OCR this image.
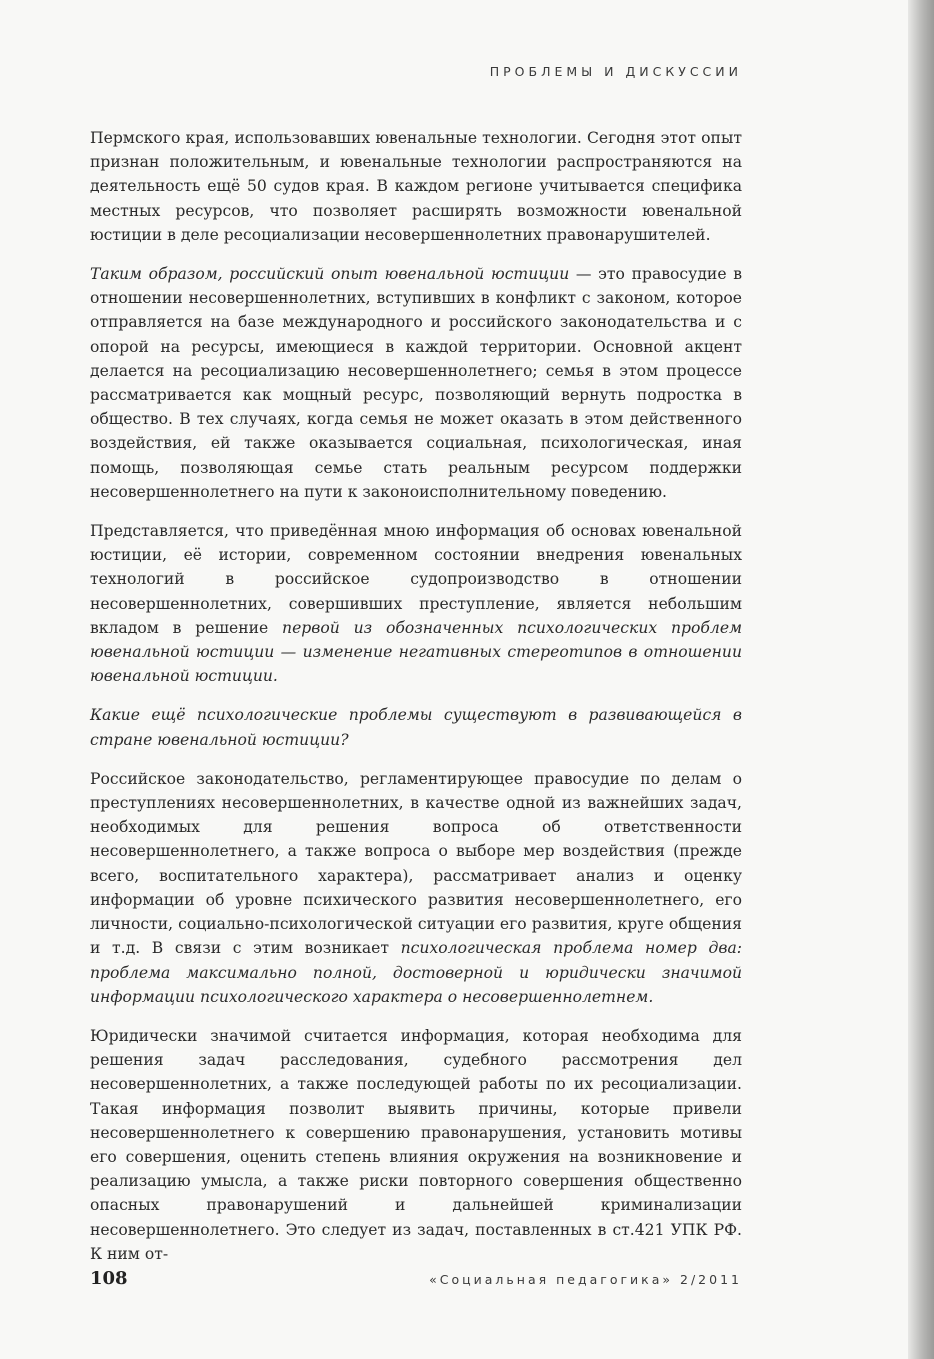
ПРОБЛЕМЫ И ДИСКУССИИ

Пермского края, использовавших ювенальные технологии. Сегодня этот опыт признан положительным, и ювенальные технологии распространяются на деятельность ещё 50 судов края. В каждом регионе учитывается специфика местных ресурсов, что позволяет расширять возможности ювенальной юстиции в деле ресоциализации несовершеннолетних правонарушителей.

Таким образом, российский опыт ювенальной юстиции — это правосудие в отношении несовершеннолетних, вступивших в конфликт с законом, которое отправляется на базе международного и российского законодательства и с опорой на ресурсы, имеющиеся в каждой территории. Основной акцент делается на ресоциализацию несовершеннолетнего; семья в этом процессе рассматривается как мощный ресурс, позволяющий вернуть подростка в общество. В тех случаях, когда семья не может оказать в этом действенного воздействия, ей также оказывается социальная, психологическая, иная помощь, позволяющая семье стать реальным ресурсом поддержки несовершеннолетнего на пути к законоисполнительному поведению.

Представляется, что приведённая мною информация об основах ювенальной юстиции, её истории, современном состоянии внедрения ювенальных технологий в российское судопроизводство в отношении несовершеннолетних, совершивших преступление, является небольшим вкладом в решение первой из обозначенных психологических проблем ювенальной юстиции — изменение негативных стереотипов в отношении ювенальной юстиции.

Какие ещё психологические проблемы существуют в развивающейся в стране ювенальной юстиции?

Российское законодательство, регламентирующее правосудие по делам о преступлениях несовершеннолетних, в качестве одной из важнейших задач, необходимых для решения вопроса об ответственности несовершеннолетнего, а также вопроса о выборе мер воздействия (прежде всего, воспитательного характера), рассматривает анализ и оценку информации об уровне психического развития несовершеннолетнего, его личности, социально-психологической ситуации его развития, круге общения и т.д. В связи с этим возникает психологическая проблема номер два: проблема максимально полной, достоверной и юридически значимой информации психологического характера о несовершеннолетнем.

Юридически значимой считается информация, которая необходима для решения задач расследования, судебного рассмотрения дел несовершеннолетних, а также последующей работы по их ресоциализации. Такая информация позволит выявить причины, которые привели несовершеннолетнего к совершению правонарушения, установить мотивы его совершения, оценить степень влияния окружения на возникновение и реализацию умысла, а также риски повторного совершения общественно опасных правонарушений и дальнейшей криминализации несовершеннолетнего. Это следует из задач, поставленных в ст.421 УПК РФ. К ним от-

108	«Социальная педагогика» 2/2011
